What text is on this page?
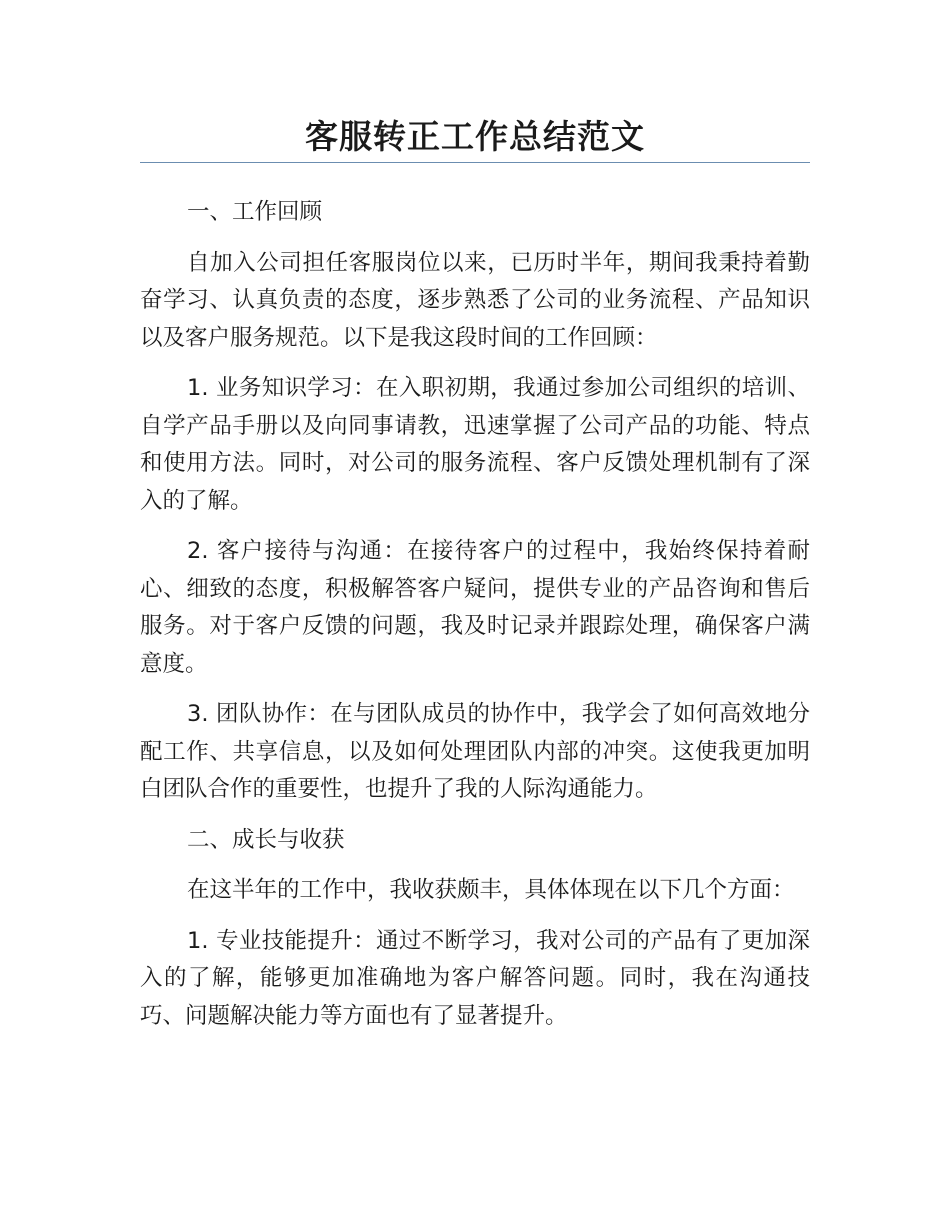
客服转正工作总结范文

一、工作回顾

自加入公司担任客服岗位以来，已历时半年，期间我秉持着勤奋学习、认真负责的态度，逐步熟悉了公司的业务流程、产品知识以及客户服务规范。以下是我这段时间的工作回顾：

1. 业务知识学习：在入职初期，我通过参加公司组织的培训、自学产品手册以及向同事请教，迅速掌握了公司产品的功能、特点和使用方法。同时，对公司的服务流程、客户反馈处理机制有了深入的了解。

2. 客户接待与沟通：在接待客户的过程中，我始终保持着耐心、细致的态度，积极解答客户疑问，提供专业的产品咨询和售后服务。对于客户反馈的问题，我及时记录并跟踪处理，确保客户满意度。

3. 团队协作：在与团队成员的协作中，我学会了如何高效地分配工作、共享信息，以及如何处理团队内部的冲突。这使我更加明白团队合作的重要性，也提升了我的人际沟通能力。

二、成长与收获

在这半年的工作中，我收获颇丰，具体体现在以下几个方面：

1. 专业技能提升：通过不断学习，我对公司的产品有了更加深入的了解，能够更加准确地为客户解答问题。同时，我在沟通技巧、问题解决能力等方面也有了显著提升。
